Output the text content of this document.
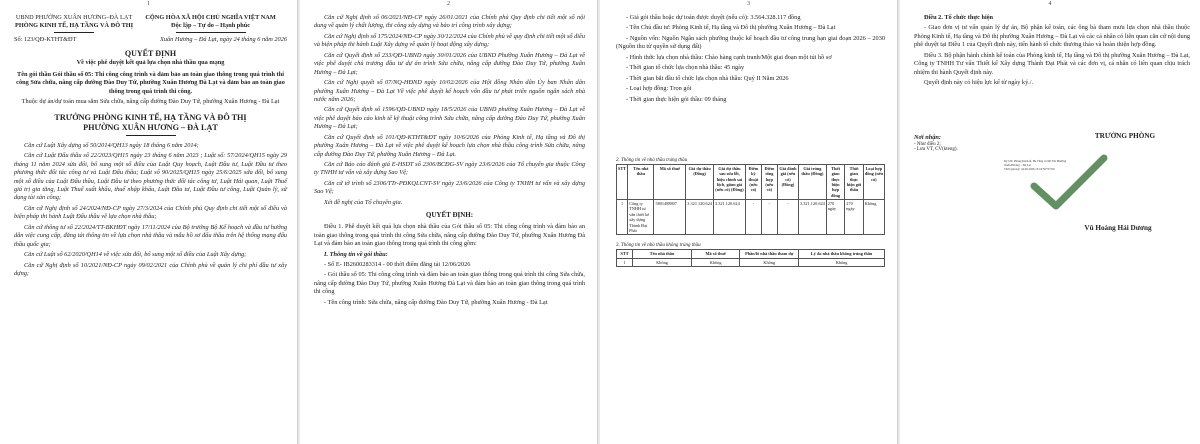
1
UBND PHƯỜNG XUÂN HƯƠNG–ĐÀ LẠT
PHÒNG KINH TẾ, HẠ TẦNG VÀ ĐÔ THỊ
CỘNG HÒA XÃ HỘI CHỦ NGHĨA VIỆT NAM
Độc lập – Tự do – Hạnh phúc
Số: 123/QĐ-KTHT&ĐT	Xuân Hương – Đà Lạt, ngày 24 tháng 6 năm 2026
QUYẾT ĐỊNH
Về việc phê duyệt kết quả lựa chọn nhà thầu qua mạng

Tên gói thầu Gói thầu số 05: Thi công công trình và đảm bảo an toàn giao thông trong quá trình thi công Sửa chữa, nâng cấp đường Đào Duy Tứ, phường Xuân Hương Đà Lạt và đảm bảo an toàn giao thông trong quá trình thi công.

Thuộc dự án/dự toán mua sắm Sửa chữa, nâng cấp đường Đào Duy Tứ, phường Xuân Hương - Đà Lạt

TRƯỞNG PHÒNG KINH TẾ, HẠ TẦNG VÀ ĐÔ THỊ
PHƯỜNG XUÂN HƯƠNG – ĐÀ LẠT

Căn cứ Luật Xây dựng số 50/2014/QH13 ngày 18 tháng 6 năm 2014;

Căn cứ Luật Đấu thầu số 22/2023/QH15 ngày 23 tháng 6 năm 2023 ; Luật số: 57/2024/QH15 ngày 29 tháng 11 năm 2024 sửa đổi, bổ sung một số điều của Luật Quy hoạch, Luật Đầu tư, Luật Đầu tư theo phương thức đối tác công tư và Luật Đấu thầu; Luật số 90/2025/QH15 ngày 25/6/2025 sửa đổi, bổ sung một số điều của Luật Đấu thầu, Luật Đầu tư theo phương thức đối tác công tư, Luật Hải quan, Luật Thuế giá trị gia tăng, Luật Thuế xuất khẩu, thuế nhập khẩu, Luật Đầu tư, Luật Đầu tư công, Luật Quản lý, sử dụng tài sản công;

Căn cứ Nghị định số 24/2024/NĐ-CP ngày 27/3/2024 của Chính phủ Quy định chi tiết một số điều và biện pháp thi hành Luật Đấu thầu về lựa chọn nhà thầu;

Căn cứ thông tư số 22/2024/TT-BKHĐT ngày 17/11/2024 của Bộ trưởng Bộ Kế hoạch và đầu tư hướng dẫn việc cung cấp, đăng tải thông tin về lựa chọn nhà thầu và mẫu hồ sơ đấu thầu trên hệ thống mạng đấu thầu quốc gia;

Căn cứ Luật số 62/2020/QH14 về việc sửa đổi, bổ sung một số điều của Luật Xây dựng;

Căn cứ Nghị định số 10/2021/NĐ-CP ngày 09/02/2021 của Chính phủ về quản lý chi phí đầu tư xây dựng;

2

Căn cứ Nghị định số 06/2021/NĐ-CP ngày 26/01/2021 của Chính phủ Quy định chi tiết một số nội dung về quản lý chất lượng, thi công xây dựng và bảo trì công trình xây dựng;

Căn cứ Nghị định số 175/2024/NĐ-CP ngày 30/12/2024 của Chính phủ về quy định chi tiết một số điều và biện pháp thi hành Luật Xây dựng về quản lý hoạt động xây dựng;

Căn cứ Quyết định số 233/QĐ-UBND ngày 30/01/2026 của UBND Phường Xuân Hương – Đà Lạt về việc phê duyệt chủ trương đầu tư dự án trình Sửa chữa, nâng cấp đường Đào Duy Tứ, phường Xuân Hương – Đà Lạt;

Căn cứ Nghị quyết số 07/NQ-HĐND ngày 10/02/2026 của Hội đồng Nhân dân Ủy ban Nhân dân phường Xuân Hương – Đà Lạt Về việc phê duyệt kế hoạch vốn đầu tư phát triển nguồn ngân sách nhà nước năm 2026;

Căn cứ Quyết định số 1596/QĐ-UBND ngày 18/5/2026 của UBND phường Xuân Hương – Đà Lạt về việc phê duyệt báo cáo kinh tế kỹ thuật công trình Sửa chữa, nâng cấp đường Đào Duy Tứ, phường Xuân Hương – Đà Lạt;

Căn cứ Quyết định số 101/QĐ-KTHT&ĐT ngày 10/6/2026 của Phòng Kinh tế, Hạ tầng và Đô thị phường Xuân Hương – Đà Lạt về việc phê duyệt kế hoạch lựa chọn nhà thầu công trình Sửa chữa, nâng cấp đường Đào Duy Tứ, phường Xuân Hương – Đà Lạt.

Căn cứ Báo cáo đánh giá E-HSDT số 2306/BCĐG-SV ngày 23/6/2026 của Tổ chuyên gia thuộc Công ty TNHH tư vấn và xây dựng Sao Vệ;

Căn cứ tờ trình số 2306/TTr-PĐKQLCNT-SV ngày 23/6/2026 của Công ty TNHH tư vấn và xây dựng Sao Vệ;

Xét đề nghị của Tổ chuyên gia.

QUYẾT ĐỊNH:

Điều 1. Phê duyệt kết quả lựa chọn nhà thầu của Gói thầu số 05: Thi công công trình và đảm bảo an toàn giao thông trong quá trình thi công Sửa chữa, nâng cấp đường Đào Duy Tứ, phường Xuân Hương Đà Lạt và đảm bảo an toàn giao thông trong quá trình thi công gồm:

I. Thông tin về gói thầu:

- Số E- IB2600283314 - 00 thời điểm đăng tải 12/06/2026

- Gói thầu số 05: Thi công công trình và đảm bảo an toàn giao thông trong quá trình thi công Sửa chữa, nâng cấp đường Đào Duy Tứ, phường Xuân Hương Đà Lạt và đảm bảo an toàn giao thông trong quá trình thi công

- Tên công trình: Sửa chữa, nâng cấp đường Đào Duy Tứ, phường Xuân Hương - Đà Lạt

3

- Giá gói thầu hoặc dự toán được duyệt (nếu có): 3.564.328.117 đồng

- Tên Chủ đầu tư: Phòng Kinh tế, Hạ tầng và Đô thị phường Xuân Hương – Đà Lạt

- Nguồn vốn: Nguồn Ngân sách phường thuộc kế hoạch đầu tư công trung hạn giai đoạn 2026 – 2030 (Nguồn thu từ quyền sử dụng đất)

- Hình thức lựa chọn nhà thầu: Chào hàng cạnh tranh/Một giai đoạn một túi hồ sơ

- Thời gian tổ chức lựa chọn nhà thầu: 45 ngày

- Thời gian bắt đầu tổ chức lựa chọn nhà thầu: Quý II Năm 2026

- Loại hợp đồng: Trọn gói

- Thời gian thực hiện gói thầu: 09 tháng

2. Thông tin về nhà thầu trúng thầu
STT	Tên nhà thầu	Mã số thuế	Giá dự thầu (Đồng)	Giá dự thầu sau sửa lỗi, hiệu chỉnh sai lệch, giảm giá (nếu có) (Đồng)	Điểm kỹ thuật (nếu có)	Điểm tổng hợp (nếu có)	Giá đánh giá (nếu có) (Đồng)	Giá trúng thầu (Đồng)	Thời gian thực hiện hợp đồng	Thời gian thực hiện gói thầu	Loại hợp đồng (nếu có)
1	Công ty TNHH tư vấn thiết kế xây dựng Thành Đạt Phát	5801488807	3.321.120.624	3.321.120.624	-	-	-	3.321.120.624	270 ngày	270 ngày	Không
3. Thông tin về nhà thầu không trúng thầu
STT	Tên nhà thầu	Mã số thuế	Phần/lô nhà thầu tham dự	Lý do nhà thầu không trúng thầu
1	Không	Không	Không	Không
4

Điều 2. Tổ chức thực hiện

- Giao đơn vị tư vấn quản lý dự án, Bộ phận kế toán, các ông bà tham mưu lựa chọn nhà thầu thuộc Phòng Kinh tế, Hạ tầng và Đô thị phường Xuân Hương – Đà Lạt và các cá nhân có liên quan căn cứ nội dung phê duyệt tại Điều 1 của Quyết định này, tiến hành tổ chức thương thảo và hoàn thiện hợp đồng.

Điều 3. Bộ phận hành chính kế toán của Phòng kinh tế, Hạ tầng và Đô thị phường Xuân Hương – Đà Lạt, Công ty TNHH Tư vấn Thiết kế Xây dựng Thành Đạt Phát và các đơn vị, cá nhân có liên quan chịu trách nhiệm thi hành Quyết định này.

Quyết định này có hiệu lực kể từ ngày ký./.

Nơi nhận:
- Như điều 2;
- Lưu VT, CV(kteng).
TRƯỞNG PHÒNG
Ký bởi: Phòng Kinh tế, Hạ Tầng và Đô Thị Phường
Xuân Hương – Đà Lạt
Thời gian ký: 24.06.2026 15:16:50+07:00
Vũ Hoàng Hải Dương
